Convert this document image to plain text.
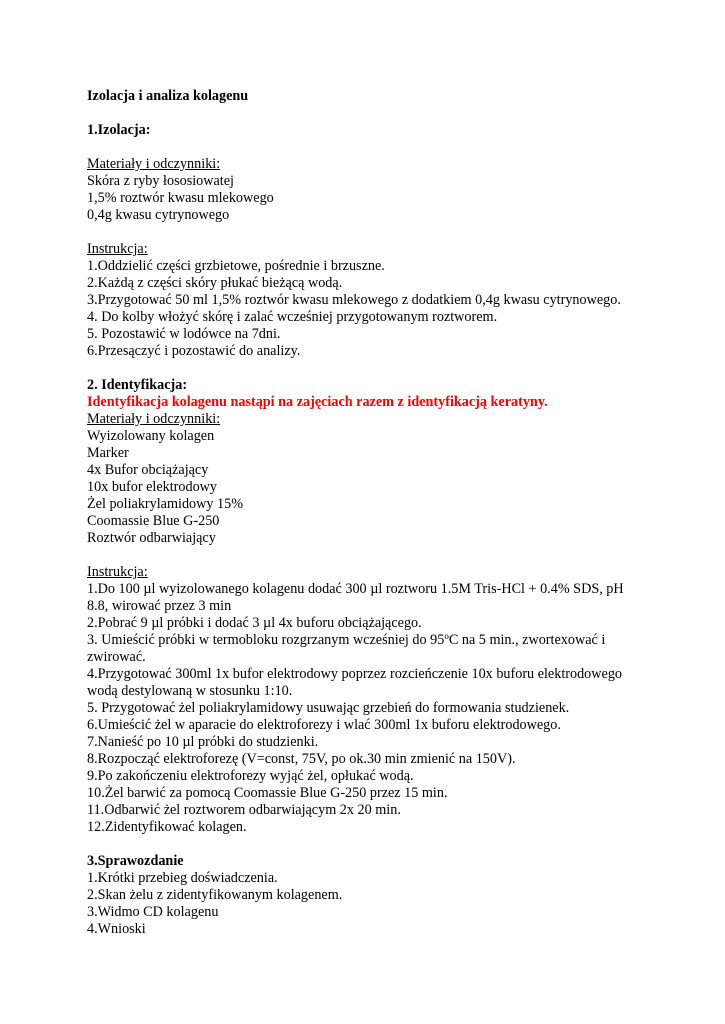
Izolacja i analiza kolagenu
1.Izolacja:
Materiały i odczynniki:
Skóra z ryby łososiowatej
1,5% roztwór kwasu mlekowego
0,4g kwasu cytrynowego
Instrukcja:
1.Oddzielić części grzbietowe, pośrednie i brzuszne.
2.Każdą z części skóry płukać bieżącą wodą.
3.Przygotować 50 ml 1,5% roztwór kwasu mlekowego z dodatkiem 0,4g kwasu cytrynowego.
4. Do kolby włożyć skórę i zalać wcześniej przygotowanym roztworem.
5. Pozostawić w lodówce na 7dni.
6.Przesączyć i pozostawić do analizy.
2. Identyfikacja:
Identyfikacja kolagenu nastąpi na zajęciach razem z identyfikacją keratyny.
Materiały i odczynniki:
Wyizolowany kolagen
Marker
4x Bufor obciążający
10x bufor elektrodowy
Żel poliakrylamidowy 15%
Coomassie Blue G-250
Roztwór odbarwiający
Instrukcja:
1.Do 100 µl wyizolowanego kolagenu dodać 300 µl roztworu 1.5M Tris-HCl + 0.4% SDS, pH 8.8, wirować przez 3 min
2.Pobrać 9 µl próbki i dodać 3 µl 4x buforu obciążającego.
3. Umieścić próbki w termobloku rozgrzanym wcześniej do 95$^o$C na 5 min., zwortexować i zwirować.
4.Przygotować 300ml 1x bufor elektrodowy poprzez rozcieńczenie 10x buforu elektrodowego wodą destylowaną w stosunku 1:10.
5. Przygotować żel poliakrylamidowy usuwając grzebień do formowania studzienek.
6.Umieścić żel w aparacie do elektroforezy i wlać 300ml 1x buforu elektrodowego.
7.Nanieść po 10 µl próbki do studzienki.
8.Rozpocząć elektroforezę (V=const, 75V, po ok.30 min zmienić na 150V).
9.Po zakończeniu elektroforezy wyjąć żel, opłukać wodą.
10.Żel barwić za pomocą Coomassie Blue G-250 przez 15 min.
11.Odbarwić żel roztworem odbarwiającym 2x 20 min.
12.Zidentyfikować kolagen.
3.Sprawozdanie
1.Krótki przebieg doświadczenia.
2.Skan żelu z zidentyfikowanym kolagenem.
3.Widmo CD kolagenu
4.Wnioski
